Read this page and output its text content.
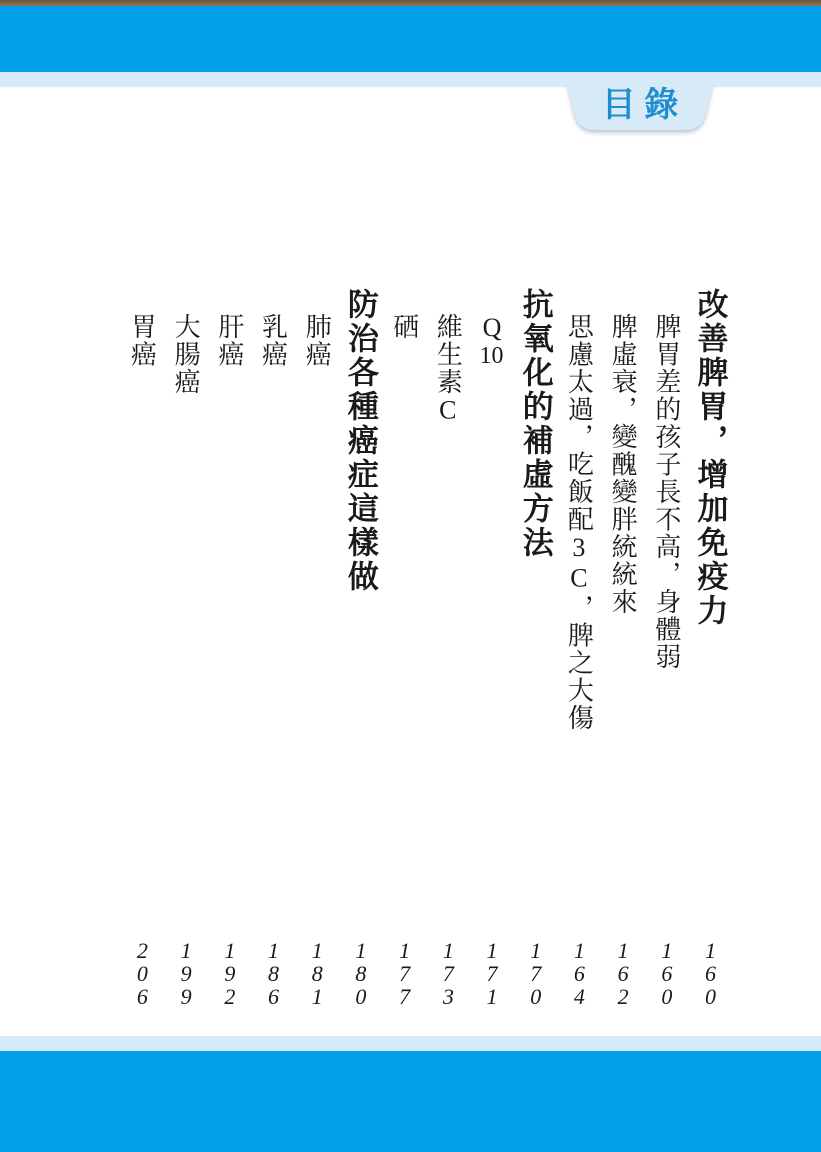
目 錄
改善脾胃，增加免疫力
160
脾胃差的孩子長不高，身體弱
160
脾虛衰，變醜變胖統統來
162
思慮太過，吃飯配3C，脾之大傷
164
抗氧化的補虛方法
170
Q10
171
維生素C
173
硒
177
防治各種癌症這樣做
180
肺癌
181
乳癌
186
肝癌
192
大腸癌
199
胃癌
206
